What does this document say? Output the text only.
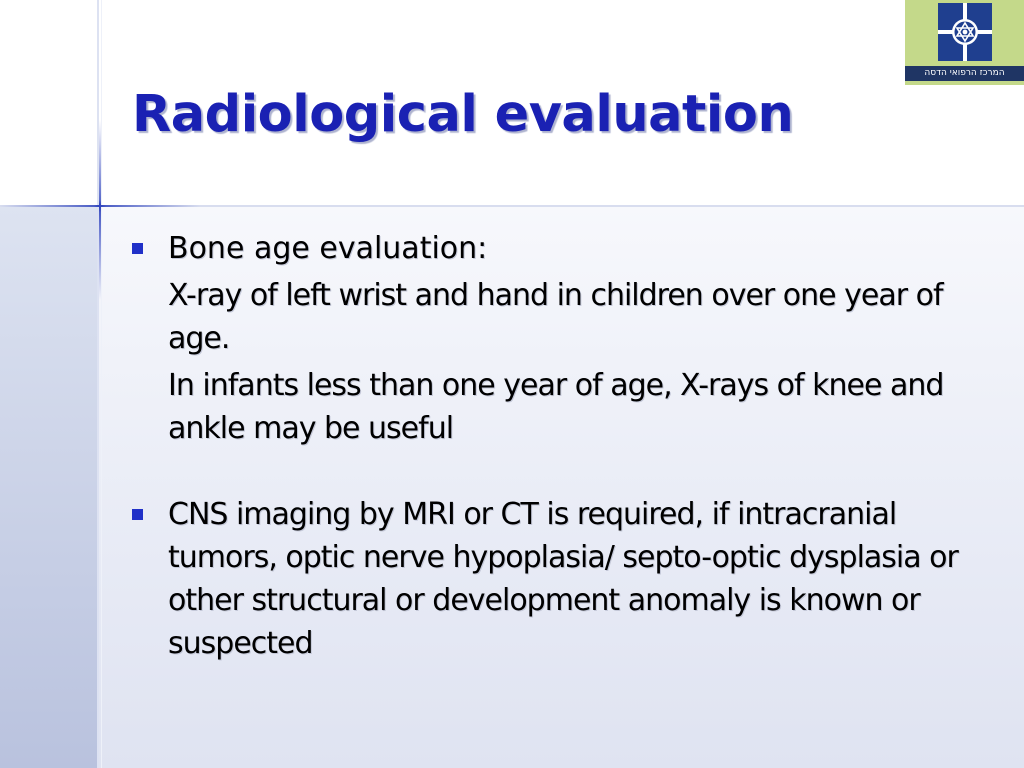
המרכז הרפואי הדסה
Radiological evaluation
Bone age evaluation:
X-ray of left wrist and hand in children over one year of age.
In infants less than one year of age, X-rays of knee and ankle may be useful
CNS imaging by MRI or CT is required, if intracranial tumors, optic nerve hypoplasia/ septo-optic dysplasia or other structural or development anomaly is known or suspected
